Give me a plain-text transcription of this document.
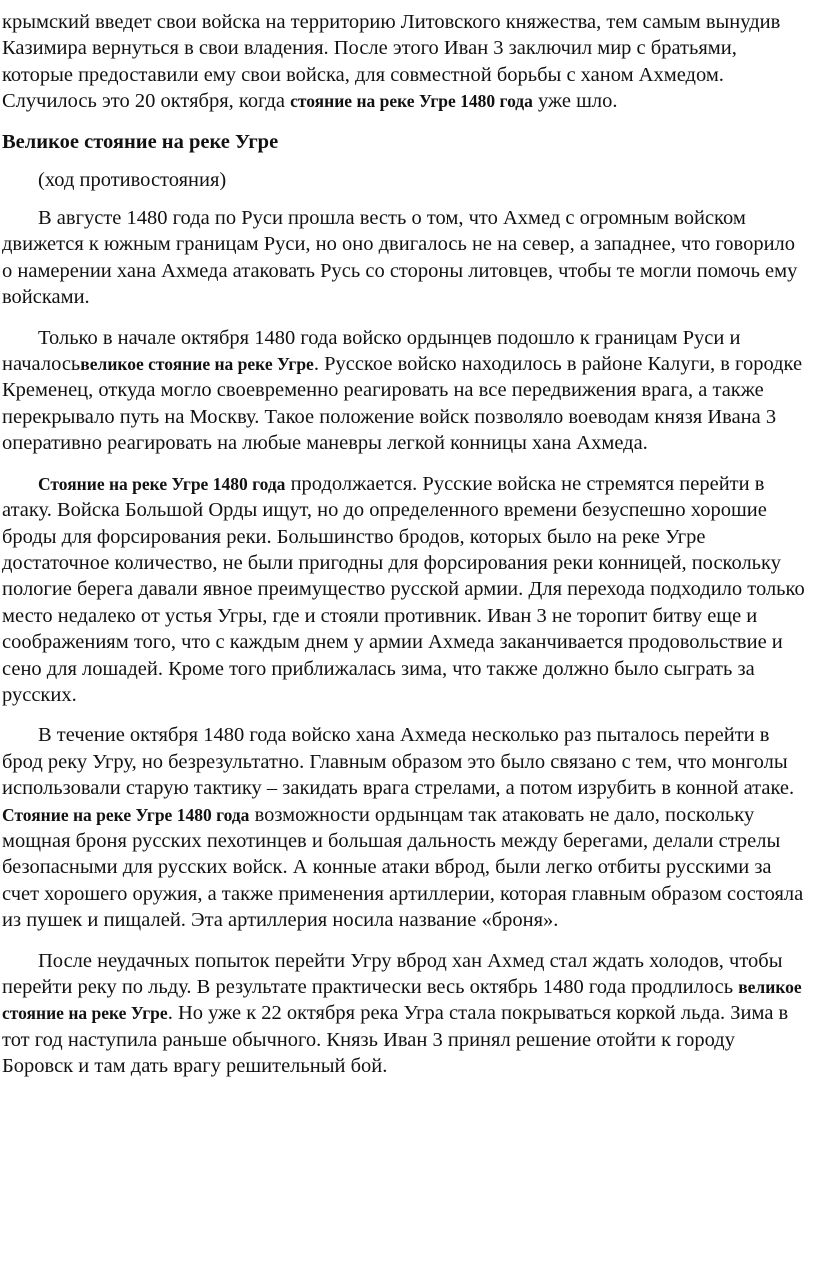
крымский введет свои войска на территорию Литовского княжества, тем самым вынудив Казимира вернуться в свои владения. После этого Иван 3 заключил мир с братьями, которые предоставили ему свои войска, для совместной борьбы с ханом Ахмедом. Случилось это 20 октября, когда стояние на реке Угре 1480 года уже шло.

Великое стояние на реке Угре

(ход противостояния)

В августе 1480 года по Руси прошла весть о том, что Ахмед с огромным войском движется к южным границам Руси, но оно двигалось не на север, а западнее, что говорило о намерении хана Ахмеда атаковать Русь со стороны литовцев, чтобы те могли помочь ему войсками.

Только в начале октября 1480 года войско ордынцев подошло к границам Руси и началосьвеликое стояние на реке Угре. Русское войско находилось в районе Калуги, в городке Кременец, откуда могло своевременно реагировать на все передвижения врага, а также перекрывало путь на Москву. Такое положение войск позволяло воеводам князя Ивана 3 оперативно реагировать на любые маневры легкой конницы хана Ахмеда.

Стояние на реке Угре 1480 года продолжается. Русские войска не стремятся перейти в атаку. Войска Большой Орды ищут, но до определенного времени безуспешно хорошие броды для форсирования реки. Большинство бродов, которых было на реке Угре достаточное количество, не были пригодны для форсирования реки конницей, поскольку пологие берега давали явное преимущество русской армии. Для перехода подходило только место недалеко от устья Угры, где и стояли противник. Иван 3 не торопит битву еще и соображениям того, что с каждым днем у армии Ахмеда заканчивается продовольствие и сено для лошадей. Кроме того приближалась зима, что также должно было сыграть за русских.

В течение октября 1480 года войско хана Ахмеда несколько раз пыталось перейти в брод реку Угру, но безрезультатно. Главным образом это было связано с тем, что монголы использовали старую тактику – закидать врага стрелами, а потом изрубить в конной атаке. Стояние на реке Угре 1480 года возможности ордынцам так атаковать не дало, поскольку мощная броня русских пехотинцев и большая дальность между берегами, делали стрелы безопасными для русских войск. А конные атаки вброд, были легко отбиты русскими за счет хорошего оружия, а также применения артиллерии, которая главным образом состояла из пушек и пищалей. Эта артиллерия носила название «броня».

После неудачных попыток перейти Угру вброд хан Ахмед стал ждать холодов, чтобы перейти реку по льду. В результате практически весь октябрь 1480 года продлилось великое стояние на реке Угре. Но уже к 22 октября река Угра стала покрываться коркой льда. Зима в тот год наступила раньше обычного. Князь Иван 3 принял решение отойти к городу Боровск и там дать врагу решительный бой.
